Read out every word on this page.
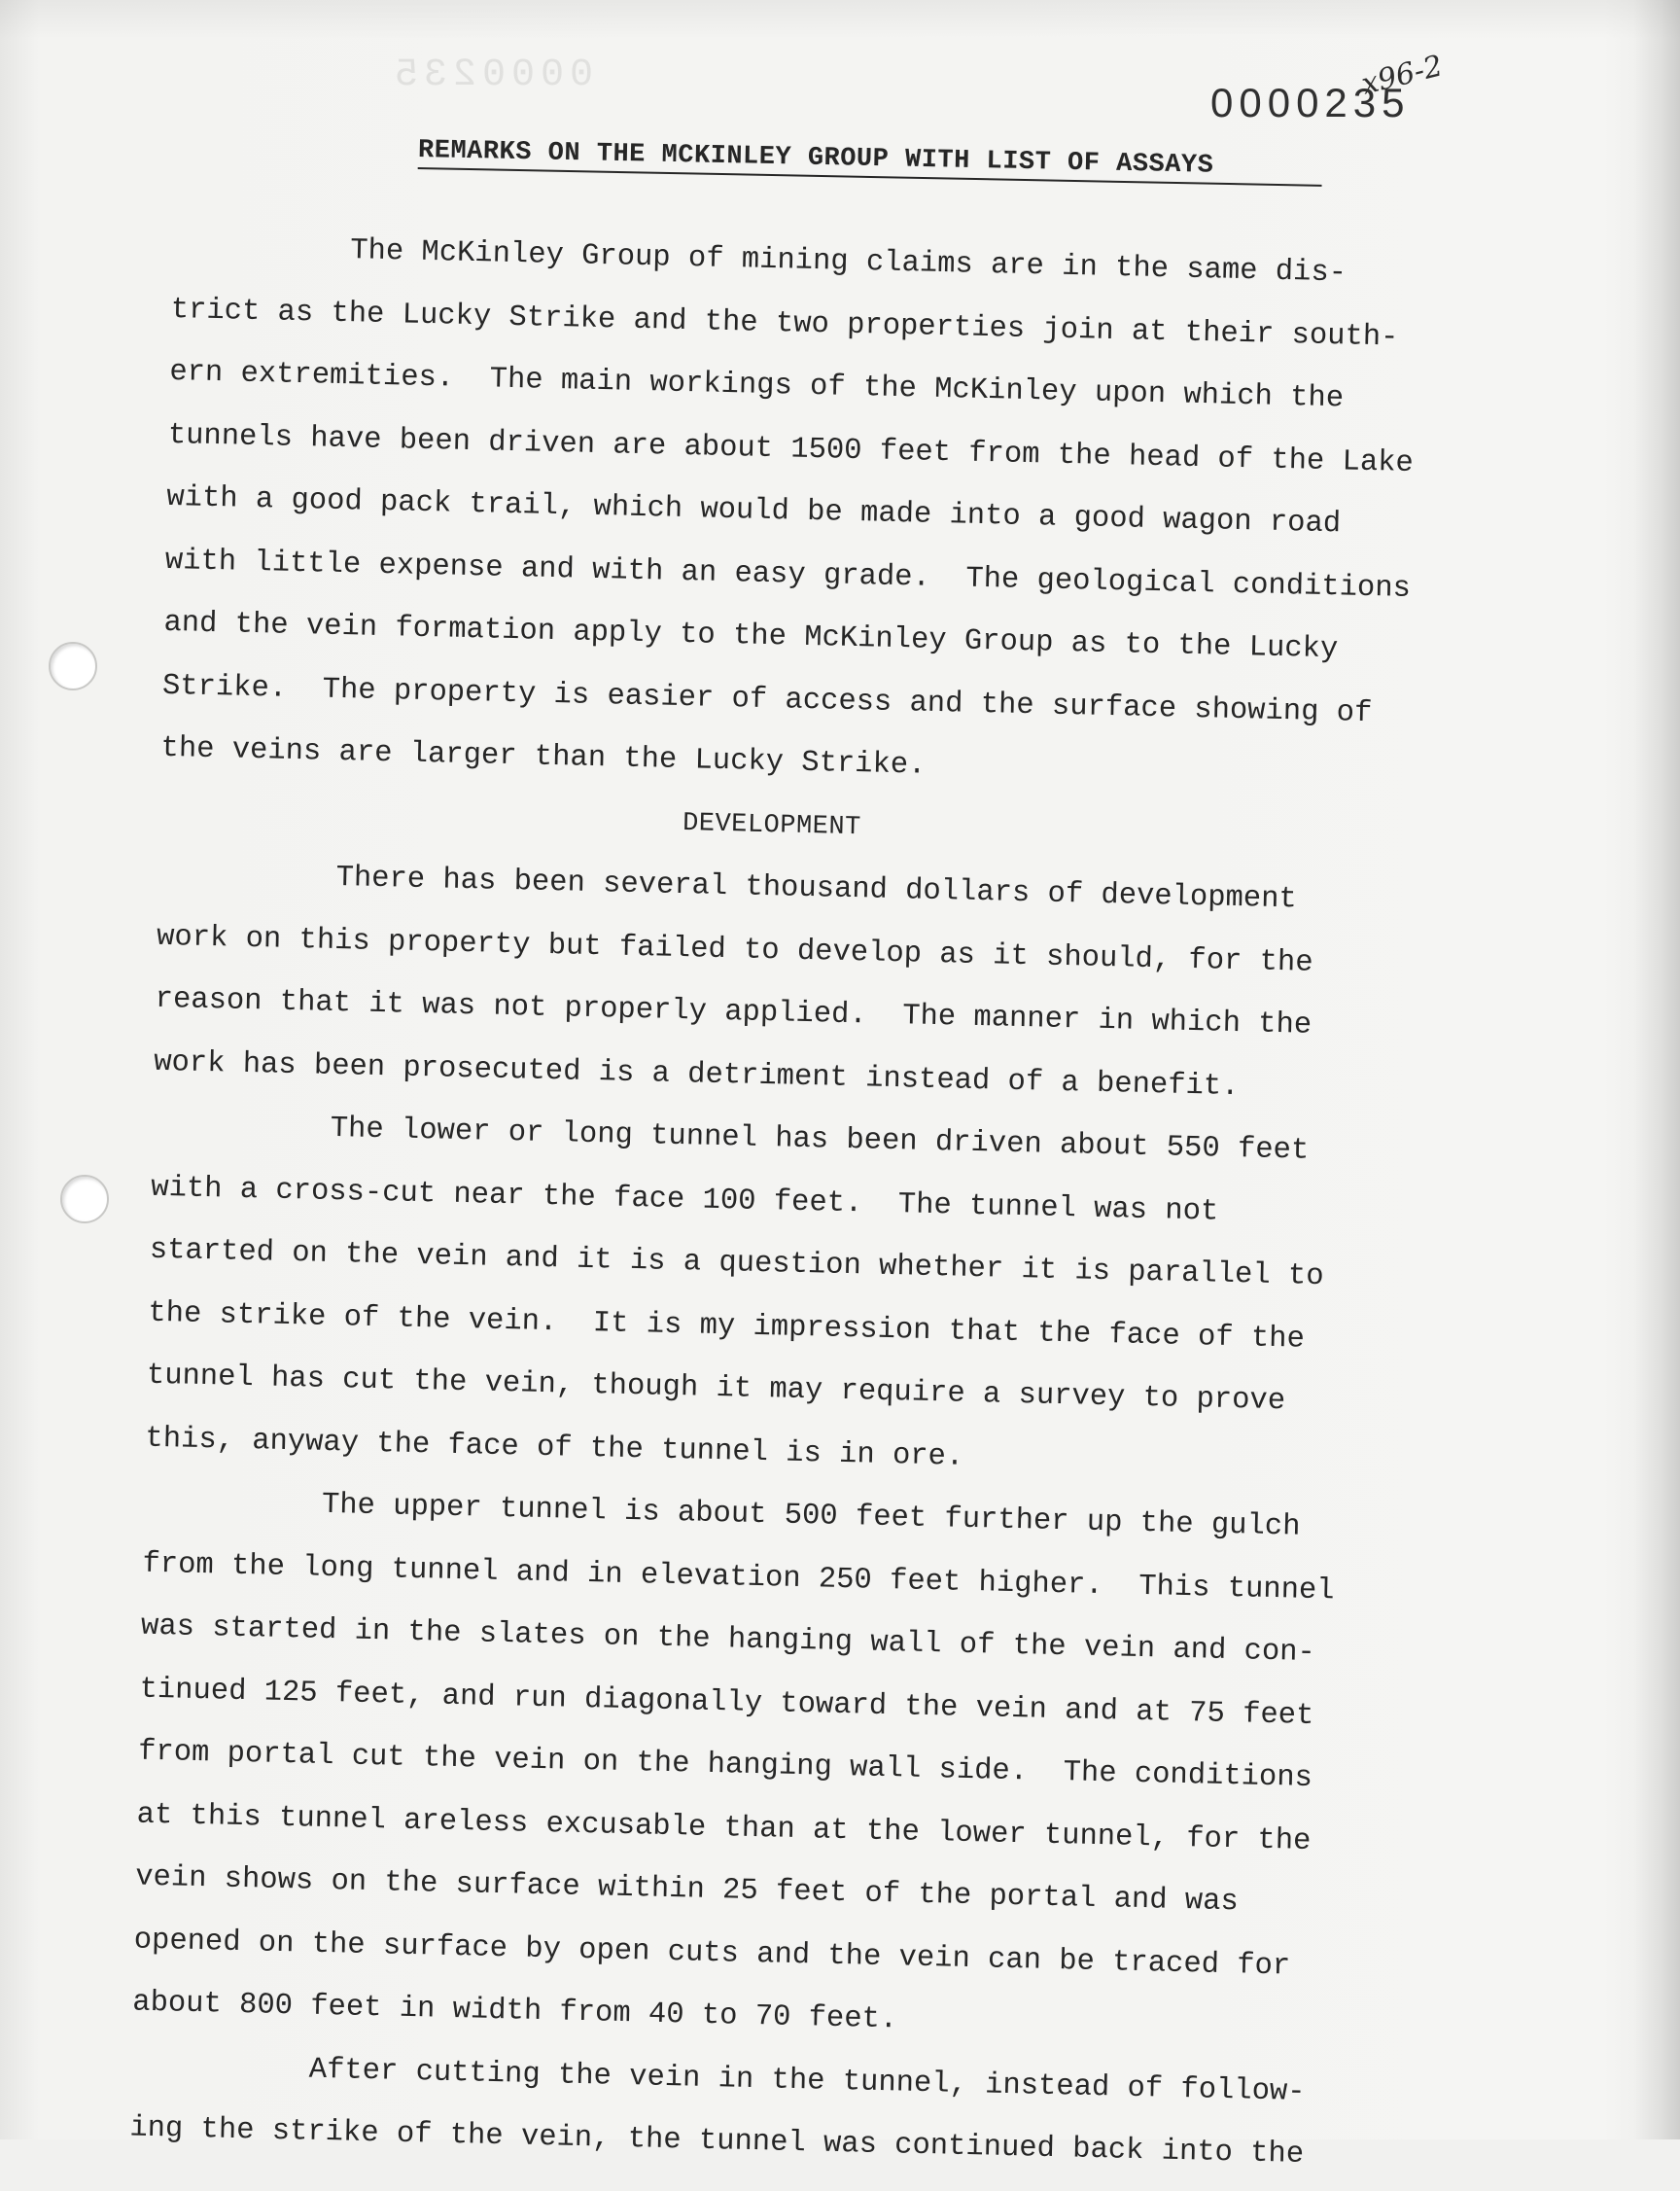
0000235
0000235
x96-2
REMARKS ON THE MCKINLEY GROUP WITH LIST OF ASSAYS

The McKinley Group of mining claims are in the same dis-

trict as the Lucky Strike and the two properties join at their south-

ern extremities.  The main workings of the McKinley upon which the

tunnels have been driven are about 1500 feet from the head of the Lake

with a good pack trail, which would be made into a good wagon road

with little expense and with an easy grade.  The geological conditions

and the vein formation apply to the McKinley Group as to the Lucky

Strike.  The property is easier of access and the surface showing of

the veins are larger than the Lucky Strike.

DEVELOPMENT

There has been several thousand dollars of development

work on this property but failed to develop as it should, for the

reason that it was not properly applied.  The manner in which the

work has been prosecuted is a detriment instead of a benefit.

The lower or long tunnel has been driven about 550 feet

with a cross-cut near the face 100 feet.  The tunnel was not

started on the vein and it is a question whether it is parallel to

the strike of the vein.  It is my impression that the face of the

tunnel has cut the vein, though it may require a survey to prove

this, anyway the face of the tunnel is in ore.

The upper tunnel is about 500 feet further up the gulch

from the long tunnel and in elevation 250 feet higher.  This tunnel

was started in the slates on the hanging wall of the vein and con-

tinued 125 feet, and run diagonally toward the vein and at 75 feet

from portal cut the vein on the hanging wall side.  The conditions

at this tunnel areless excusable than at the lower tunnel, for the

vein shows on the surface within 25 feet of the portal and was

opened on the surface by open cuts and the vein can be traced for

about 800 feet in width from 40 to 70 feet.

After cutting the vein in the tunnel, instead of follow-

ing the strike of the vein, the tunnel was continued back into the
